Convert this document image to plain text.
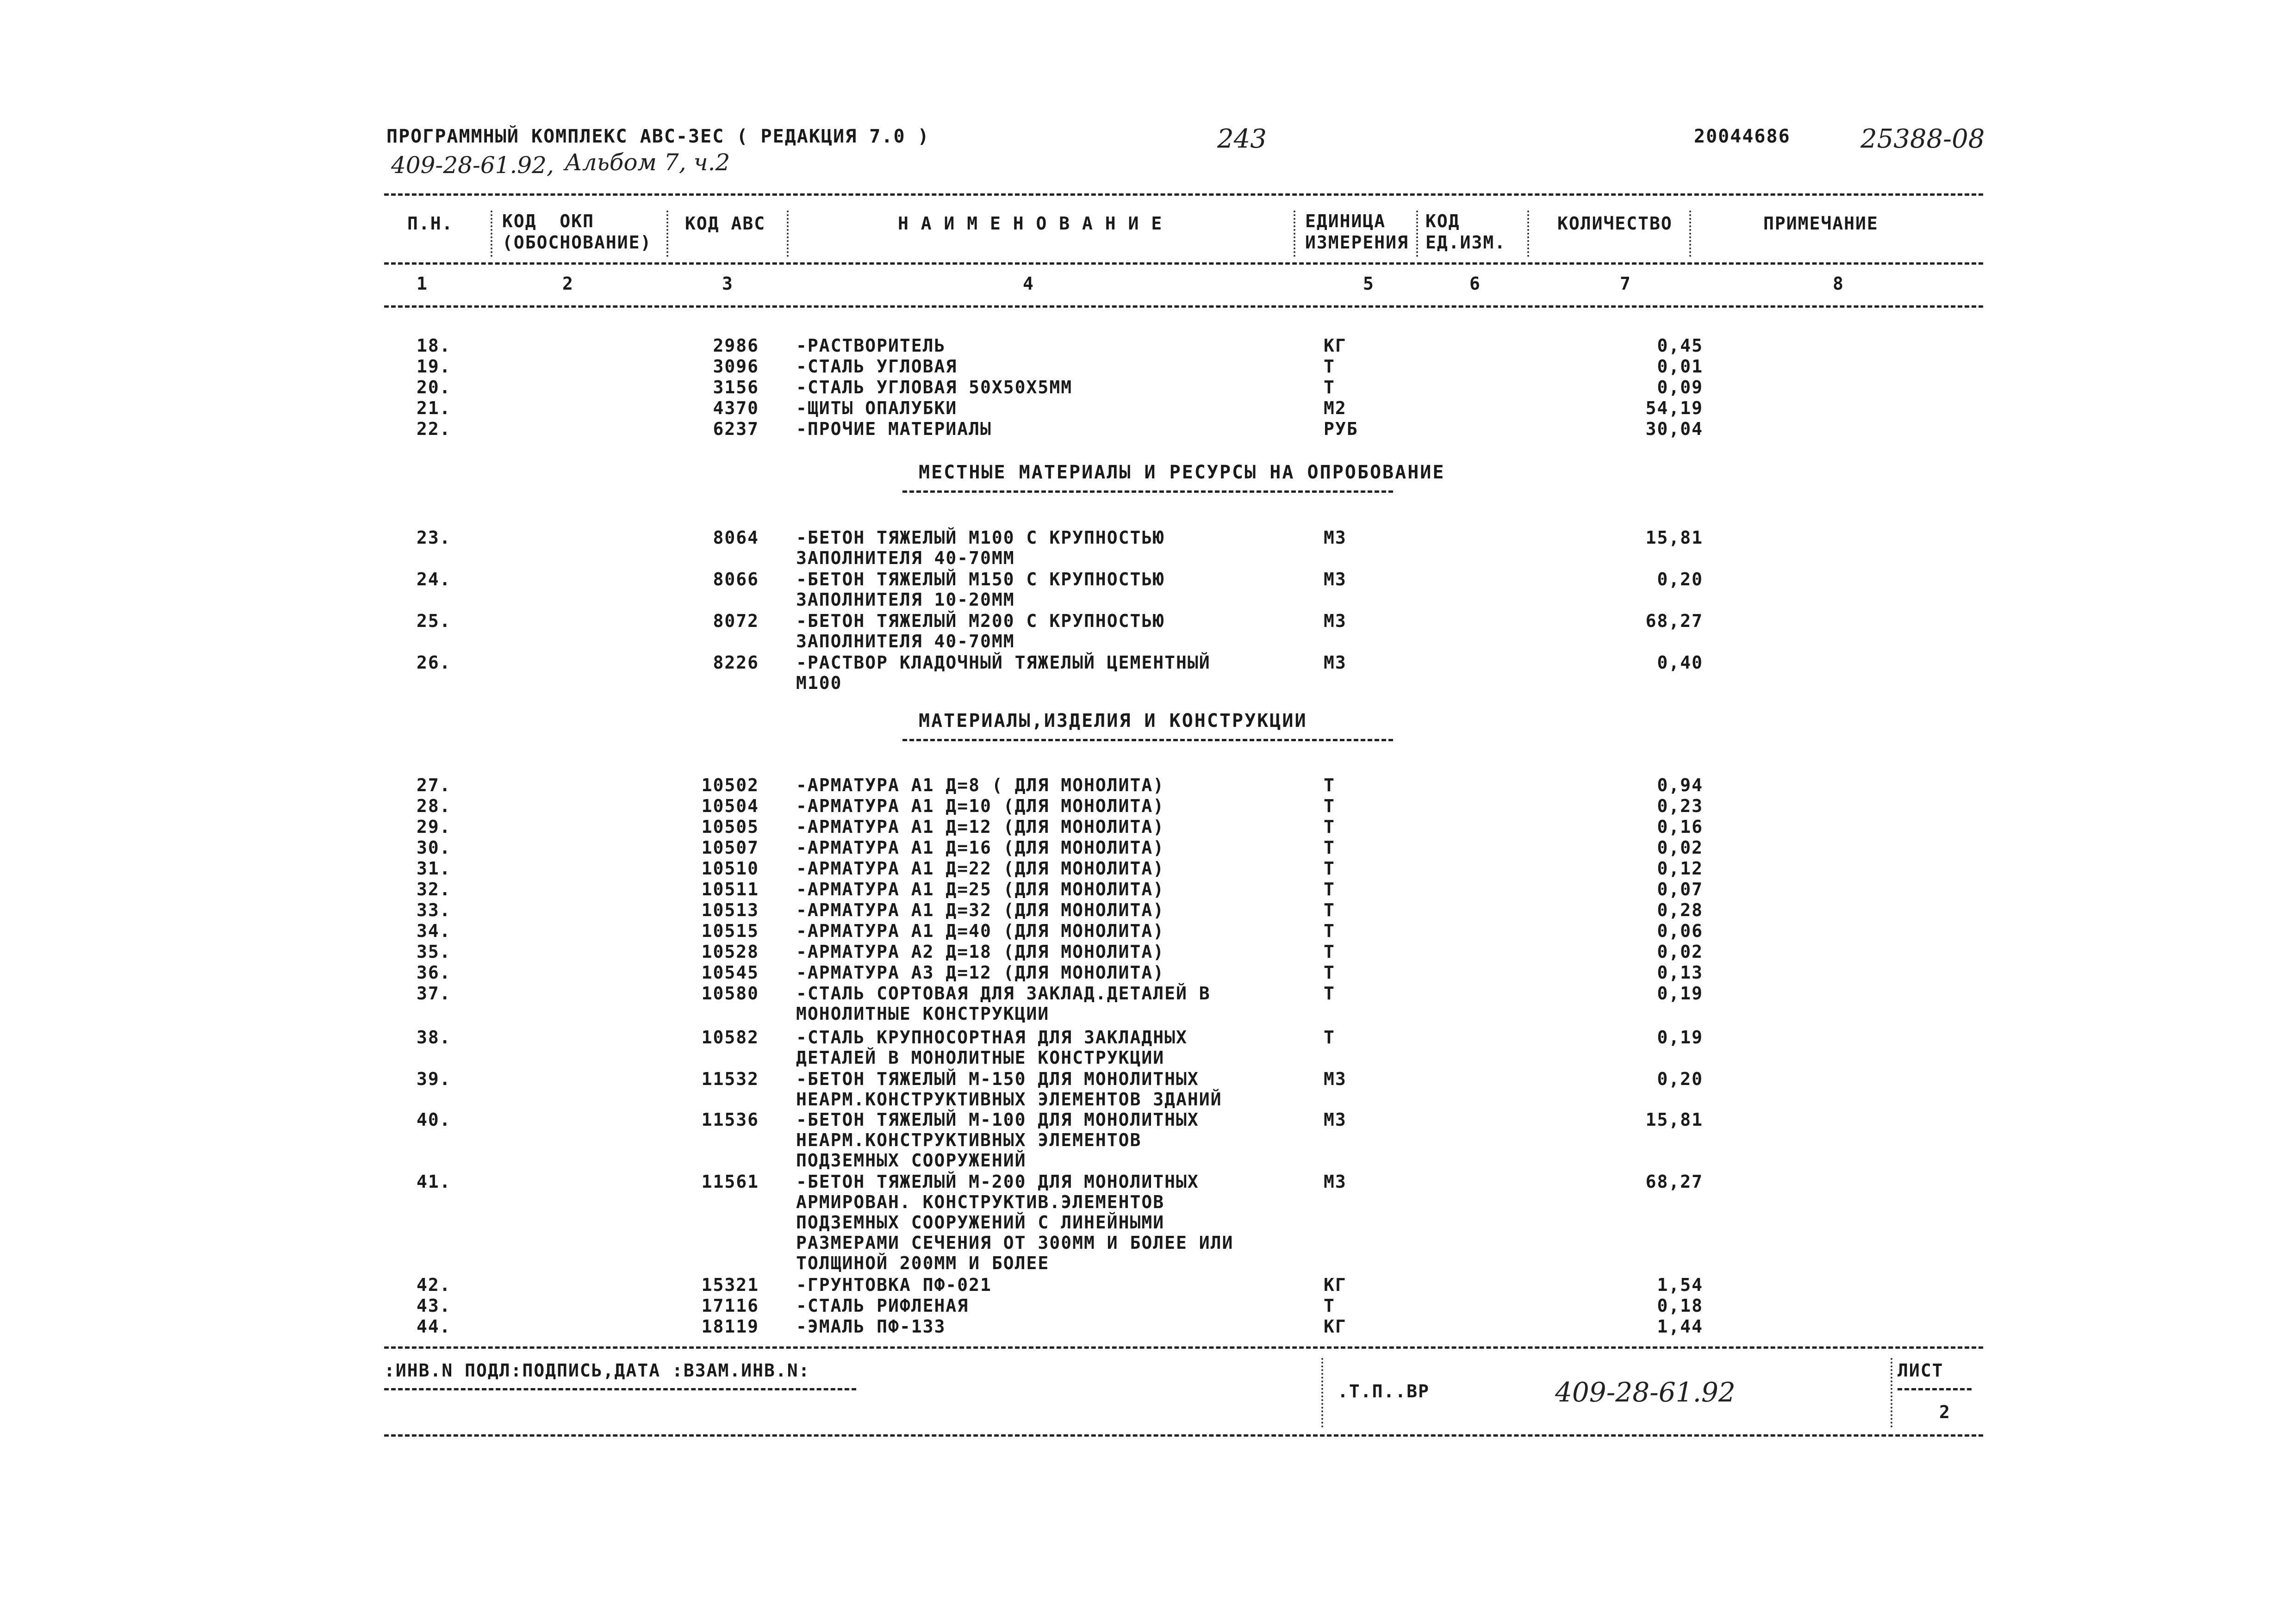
ПРОГРАММНЫЙ КОМПЛЕКС АВС-3ЕС ( РЕДАКЦИЯ 7.0 )	243	20044686	25388-08
409-28-61.92, Альбом 7, ч.2
П.Н.	КОД  ОКП
(ОБОСНОВАНИЕ)
КОД АВС	Н А И М Е Н О В А Н И Е	ЕДИНИЦА
ИЗМЕРЕНИЯ
КОД
ЕД.ИЗМ.
КОЛИЧЕСТВО	ПРИМЕЧАНИЕ
1	2	3	4	5	6	7	8
18.	2986 -РАСТВОРИТЕЛЬ	КГ	0,45
19.	3096 -СТАЛЬ УГЛОВАЯ	Т	0,01
20.	3156 -СТАЛЬ УГЛОВАЯ 50Х50Х5ММ	Т	0,09
21.	4370 -ЩИТЫ ОПАЛУБКИ	М2	54,19
22.	6237 -ПРОЧИЕ МАТЕРИАЛЫ	РУБ	30,04
МЕСТНЫЕ МАТЕРИАЛЫ И РЕСУРСЫ НА ОПРОБОВАНИЕ
23.	8064 -БЕТОН ТЯЖЕЛЫЙ М100 С КРУПНОСТЬЮ
ЗАПОЛНИТЕЛЯ 40-70ММ
М3	15,81
24.	8066 -БЕТОН ТЯЖЕЛЫЙ М150 С КРУПНОСТЬЮ
ЗАПОЛНИТЕЛЯ 10-20ММ
М3	0,20
25.	8072 -БЕТОН ТЯЖЕЛЫЙ М200 С КРУПНОСТЬЮ
ЗАПОЛНИТЕЛЯ 40-70ММ
М3	68,27
26.	8226 -РАСТВОР КЛАДОЧНЫЙ ТЯЖЕЛЫЙ ЦЕМЕНТНЫЙ
М100
М3	0,40
МАТЕРИАЛЫ,ИЗДЕЛИЯ И КОНСТРУКЦИИ
27.	10502 -АРМАТУРА А1 Д=8 ( ДЛЯ МОНОЛИТА)	Т	0,94
28.	10504 -АРМАТУРА А1 Д=10 (ДЛЯ МОНОЛИТА)	Т	0,23
29.	10505 -АРМАТУРА А1 Д=12 (ДЛЯ МОНОЛИТА)	Т	0,16
30.	10507 -АРМАТУРА А1 Д=16 (ДЛЯ МОНОЛИТА)	Т	0,02
31.	10510 -АРМАТУРА А1 Д=22 (ДЛЯ МОНОЛИТА)	Т	0,12
32.	10511 -АРМАТУРА А1 Д=25 (ДЛЯ МОНОЛИТА)	Т	0,07
33.	10513 -АРМАТУРА А1 Д=32 (ДЛЯ МОНОЛИТА)	Т	0,28
34.	10515 -АРМАТУРА А1 Д=40 (ДЛЯ МОНОЛИТА)	Т	0,06
35.	10528 -АРМАТУРА А2 Д=18 (ДЛЯ МОНОЛИТА)	Т	0,02
36.	10545 -АРМАТУРА А3 Д=12 (ДЛЯ МОНОЛИТА)	Т	0,13
37.	10580 -СТАЛЬ СОРТОВАЯ ДЛЯ ЗАКЛАД.ДЕТАЛЕЙ В
МОНОЛИТНЫЕ КОНСТРУКЦИИ
Т	0,19
38.	10582 -СТАЛЬ КРУПНОСОРТНАЯ ДЛЯ ЗАКЛАДНЫХ
ДЕТАЛЕЙ В МОНОЛИТНЫЕ КОНСТРУКЦИИ
Т	0,19
39.	11532 -БЕТОН ТЯЖЕЛЫЙ М-150 ДЛЯ МОНОЛИТНЫХ
НЕАРМ.КОНСТРУКТИВНЫХ ЭЛЕМЕНТОВ ЗДАНИЙ
М3	0,20
40.	11536 -БЕТОН ТЯЖЕЛЫЙ М-100 ДЛЯ МОНОЛИТНЫХ
НЕАРМ.КОНСТРУКТИВНЫХ ЭЛЕМЕНТОВ
ПОДЗЕМНЫХ СООРУЖЕНИЙ
М3	15,81
41.	11561 -БЕТОН ТЯЖЕЛЫЙ М-200 ДЛЯ МОНОЛИТНЫХ
АРМИРОВАН. КОНСТРУКТИВ.ЭЛЕМЕНТОВ
ПОДЗЕМНЫХ СООРУЖЕНИЙ С ЛИНЕЙНЫМИ
РАЗМЕРАМИ СЕЧЕНИЯ ОТ 300ММ И БОЛЕЕ ИЛИ
ТОЛЩИНОЙ 200ММ И БОЛЕЕ
М3	68,27
42.	15321 -ГРУНТОВКА ПФ-021	КГ	1,54
43.	17116 -СТАЛЬ РИФЛЕНАЯ	Т	0,18
44.	18119 -ЭМАЛЬ ПФ-133	КГ	1,44
:ИНВ.N ПОДЛ:ПОДПИСЬ,ДАТА :ВЗАМ.ИНВ.N:
.Т.П..ВР	409-28-61.92
ЛИСТ
2
